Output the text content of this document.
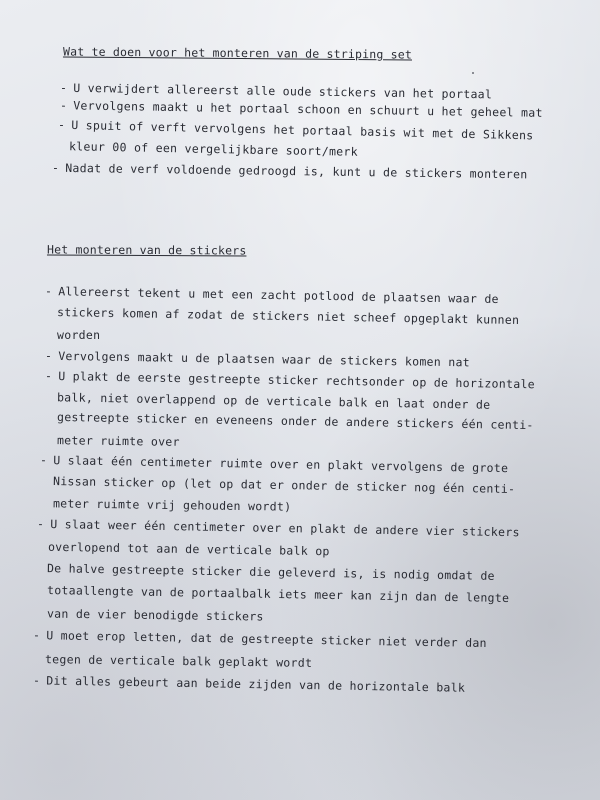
Wat te doen voor het monteren van de striping set
- U verwijdert allereerst alle oude stickers van het portaal
- Vervolgens maakt u het portaal schoon en schuurt u het geheel mat
- U spuit of verft vervolgens het portaal basis wit met de Sikkens
kleur 00 of een vergelijkbare soort/merk
- Nadat de verf voldoende gedroogd is, kunt u de stickers monteren
Het monteren van de stickers
- Allereerst tekent u met een zacht potlood de plaatsen waar de
stickers komen af zodat de stickers niet scheef opgeplakt kunnen
worden
- Vervolgens maakt u de plaatsen waar de stickers komen nat
- U plakt de eerste gestreepte sticker rechtsonder op de horizontale
balk, niet overlappend op de verticale balk en laat onder de
gestreepte sticker en eveneens onder de andere stickers één centi-
meter ruimte over
- U slaat één centimeter ruimte over en plakt vervolgens de grote
Nissan sticker op (let op dat er onder de sticker nog één centi-
meter ruimte vrij gehouden wordt)
- U slaat weer één centimeter over en plakt de andere vier stickers
overlopend tot aan de verticale balk op
De halve gestreepte sticker die geleverd is, is nodig omdat de
totaallengte van de portaalbalk iets meer kan zijn dan de lengte
van de vier benodigde stickers
- U moet erop letten, dat de gestreepte sticker niet verder dan
tegen de verticale balk geplakt wordt
- Dit alles gebeurt aan beide zijden van de horizontale balk
